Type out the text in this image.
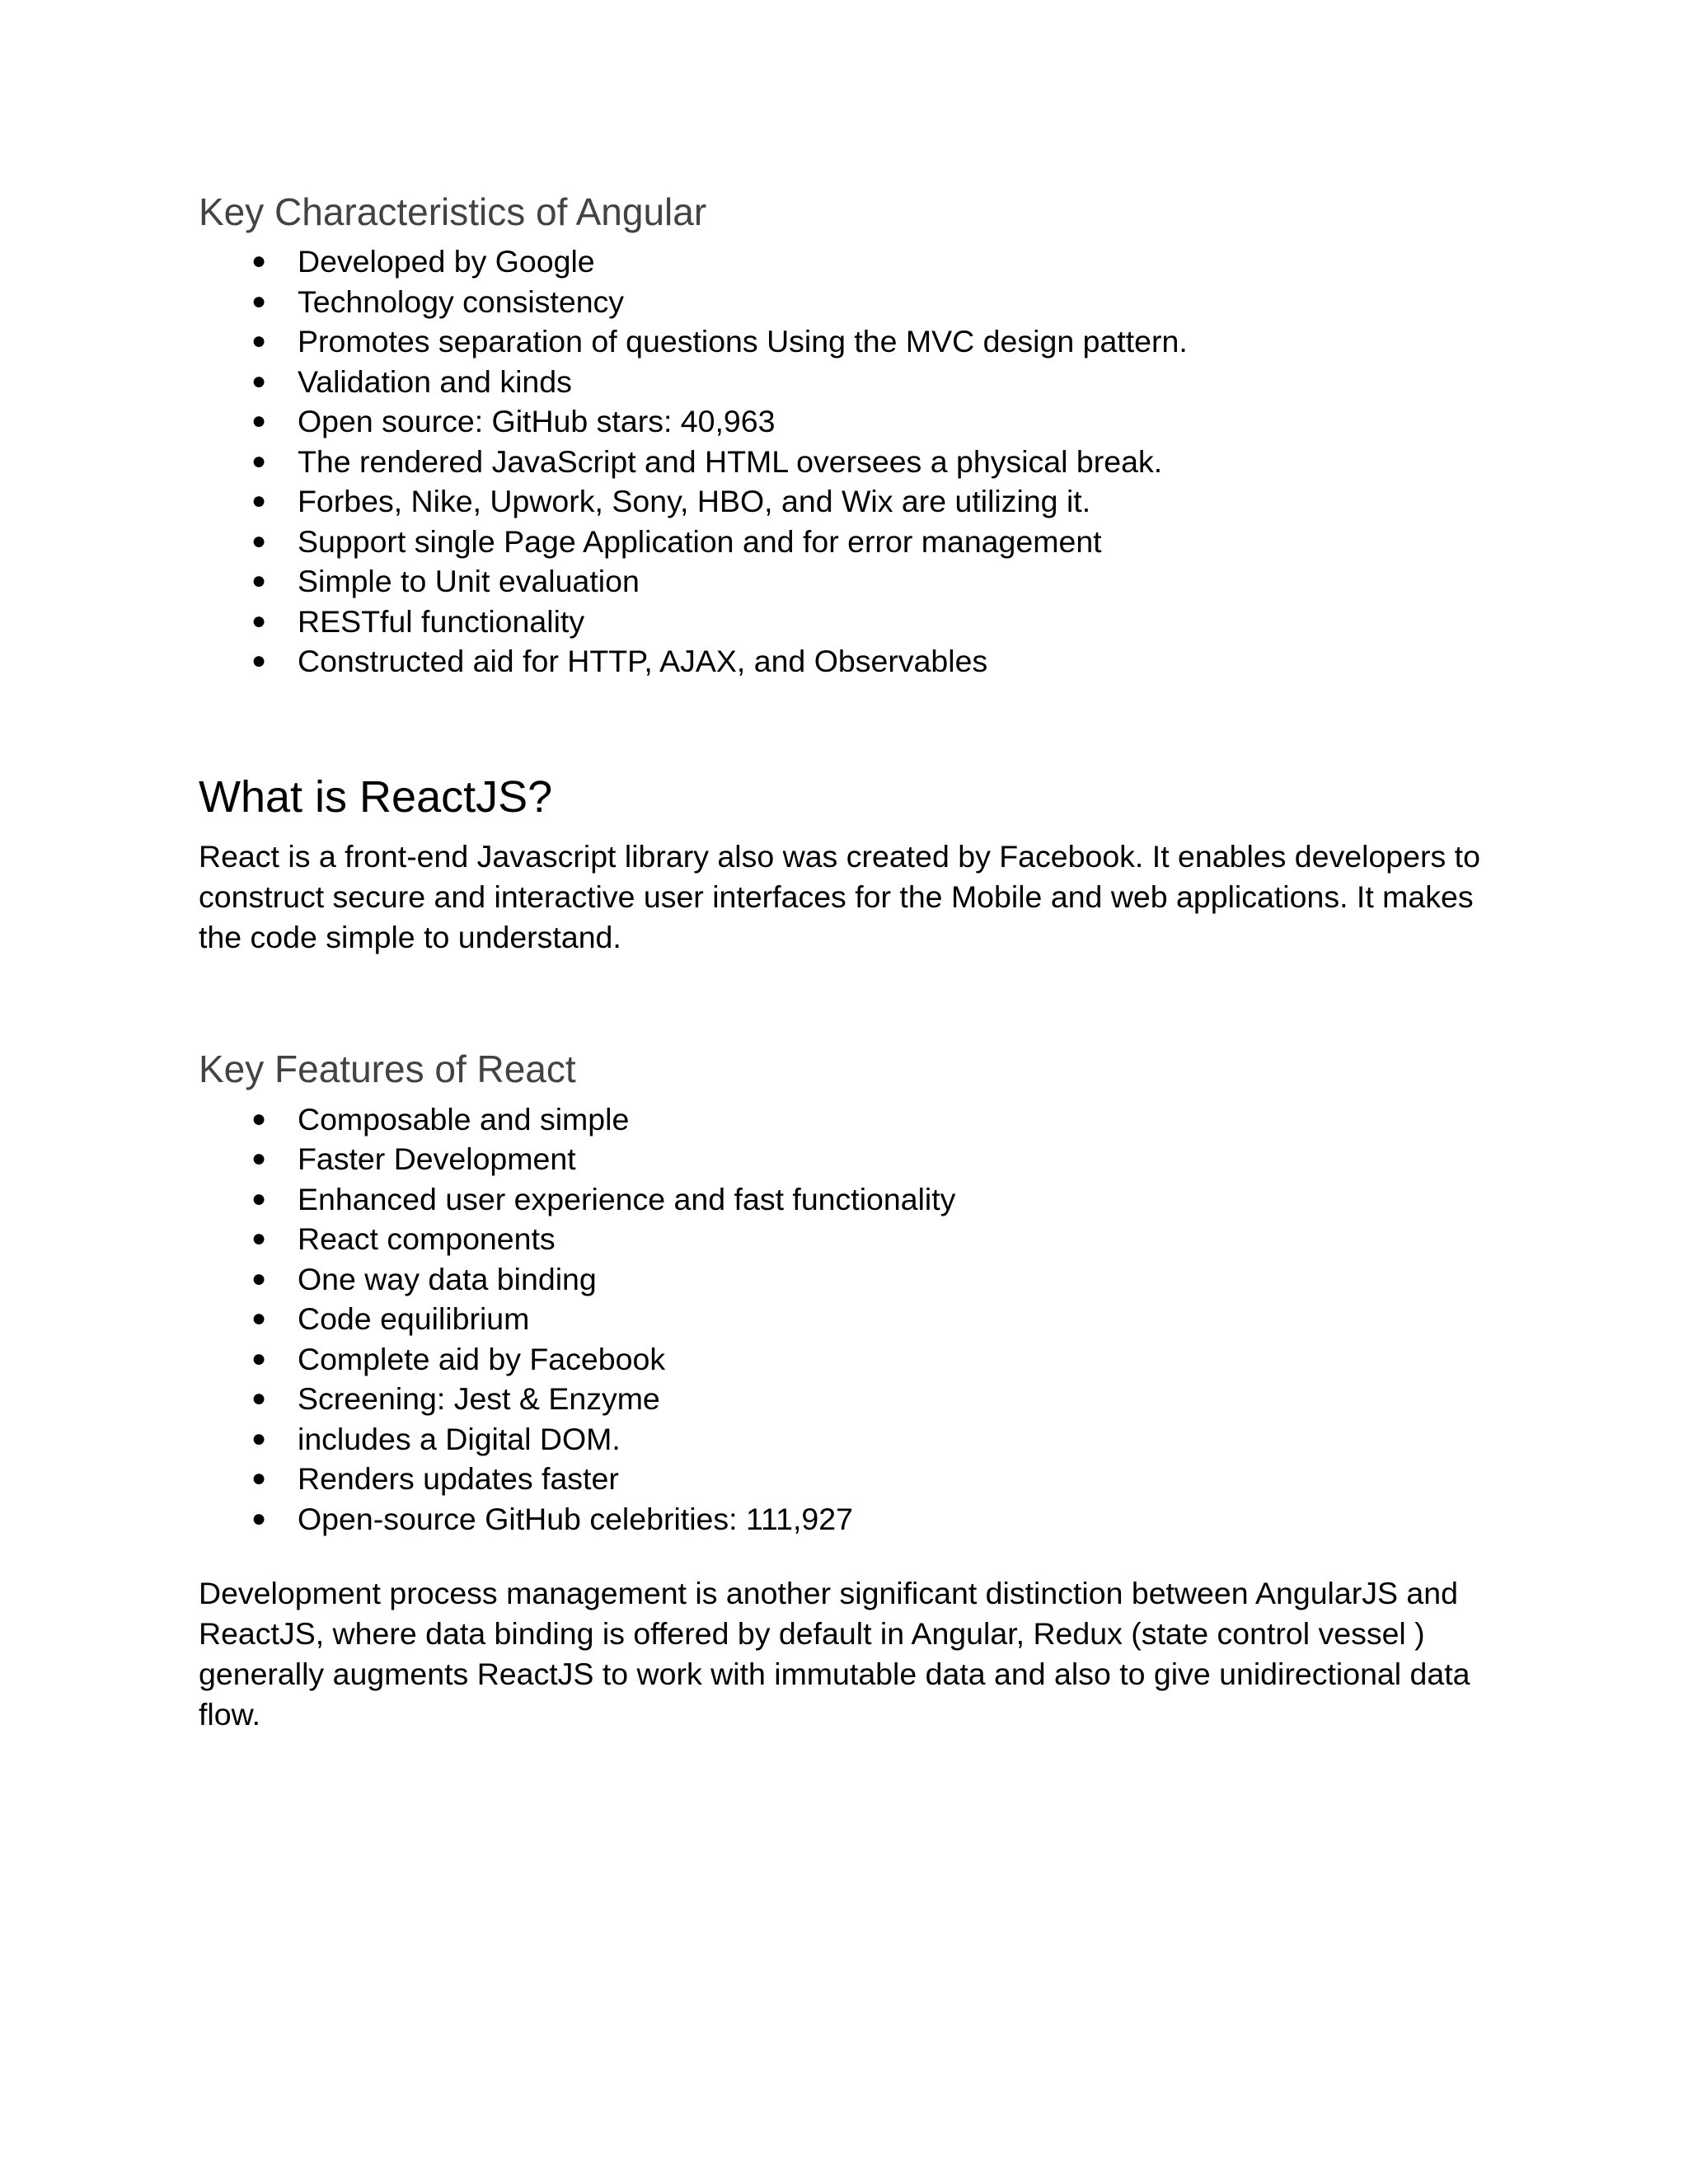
Key Characteristics of Angular
● Developed by Google
● Technology consistency
● Promotes separation of questions Using the MVC design pattern.
● Validation and kinds
● Open source: GitHub stars: 40,963
● The rendered JavaScript and HTML oversees a physical break.
● Forbes, Nike, Upwork, Sony, HBO, and Wix are utilizing it.
● Support single Page Application and for error management
● Simple to Unit evaluation
● RESTful functionality
● Constructed aid for HTTP, AJAX, and Observables
What is ReactJS?

React is a front-end Javascript library also was created by Facebook. It enables developers to construct secure and interactive user interfaces for the Mobile and web applications. It makes the code simple to understand.

Key Features of React
● Composable and simple
● Faster Development
● Enhanced user experience and fast functionality
● React components
● One way data binding
● Code equilibrium
● Complete aid by Facebook
● Screening: Jest & Enzyme
● includes a Digital DOM.
● Renders updates faster
● Open-source GitHub celebrities: 111,927

Development process management is another significant distinction between AngularJS and ReactJS, where data binding is offered by default in Angular, Redux (state control vessel ) generally augments ReactJS to work with immutable data and also to give unidirectional data flow.
